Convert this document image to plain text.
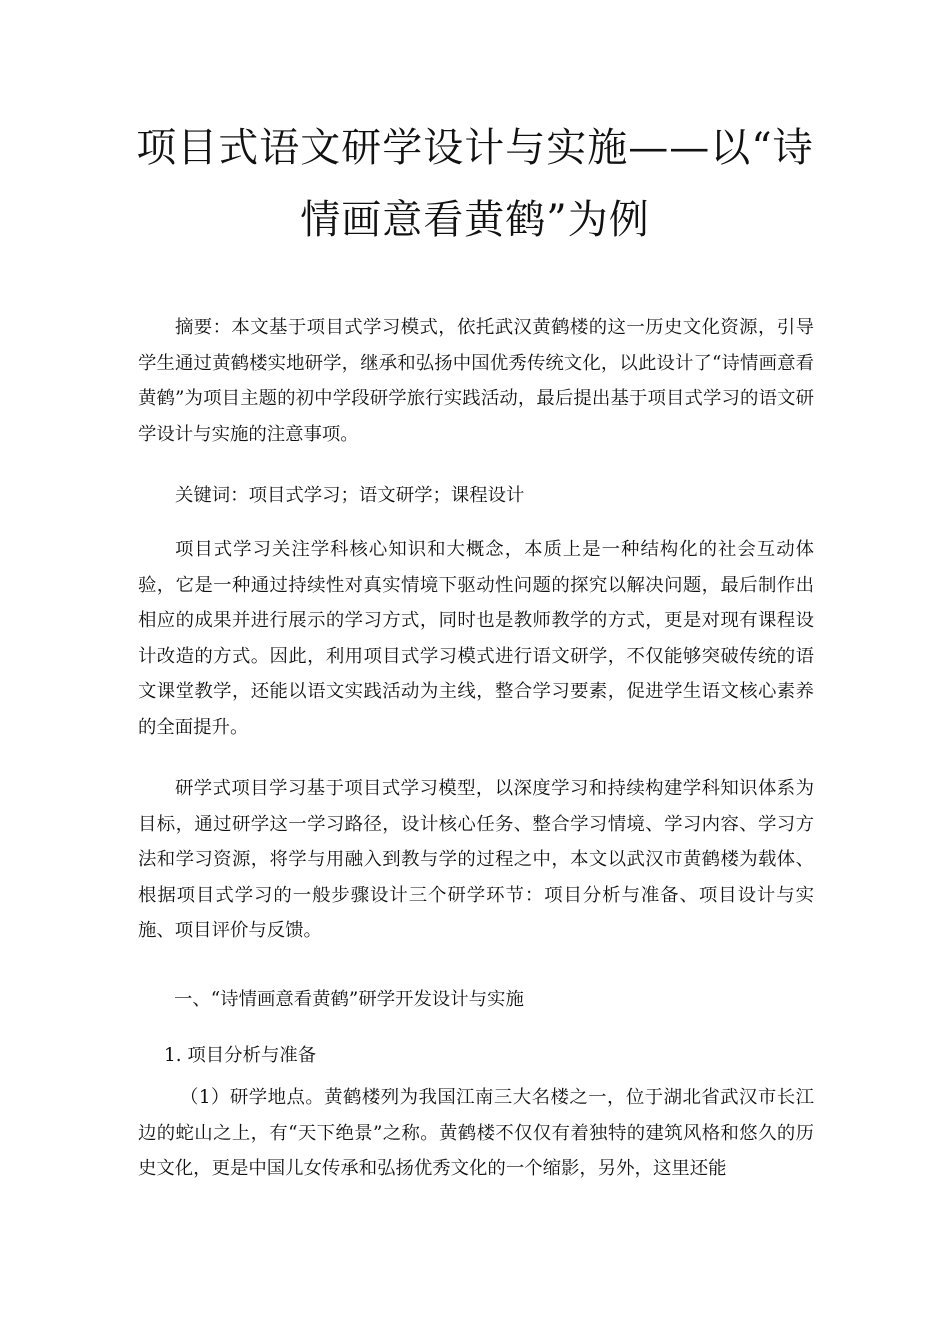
项目式语文研学设计与实施——以“诗
情画意看黄鹤”为例

摘要：本文基于项目式学习模式，依托武汉黄鹤楼的这一历史文化资源，引导学生通过黄鹤楼实地研学，继承和弘扬中国优秀传统文化，以此设计了“诗情画意看黄鹤”为项目主题的初中学段研学旅行实践活动，最后提出基于项目式学习的语文研学设计与实施的注意事项。

关键词：项目式学习；语文研学；课程设计

项目式学习关注学科核心知识和大概念，本质上是一种结构化的社会互动体验，它是一种通过持续性对真实情境下驱动性问题的探究以解决问题，最后制作出相应的成果并进行展示的学习方式，同时也是教师教学的方式，更是对现有课程设计改造的方式。因此，利用项目式学习模式进行语文研学，不仅能够突破传统的语文课堂教学，还能以语文实践活动为主线，整合学习要素，促进学生语文核心素养的全面提升。

研学式项目学习基于项目式学习模型，以深度学习和持续构建学科知识体系为目标，通过研学这一学习路径，设计核心任务、整合学习情境、学习内容、学习方法和学习资源，将学与用融入到教与学的过程之中，本文以武汉市黄鹤楼为载体、根据项目式学习的一般步骤设计三个研学环节：项目分析与准备、项目设计与实施、项目评价与反馈。

一、“诗情画意看黄鹤”研学开发设计与实施

1. 项目分析与准备

（1）研学地点。黄鹤楼列为我国江南三大名楼之一，位于湖北省武汉市长江边的蛇山之上，有“天下绝景”之称。黄鹤楼不仅仅有着独特的建筑风格和悠久的历史文化，更是中国儿女传承和弘扬优秀文化的一个缩影，另外，这里还能
